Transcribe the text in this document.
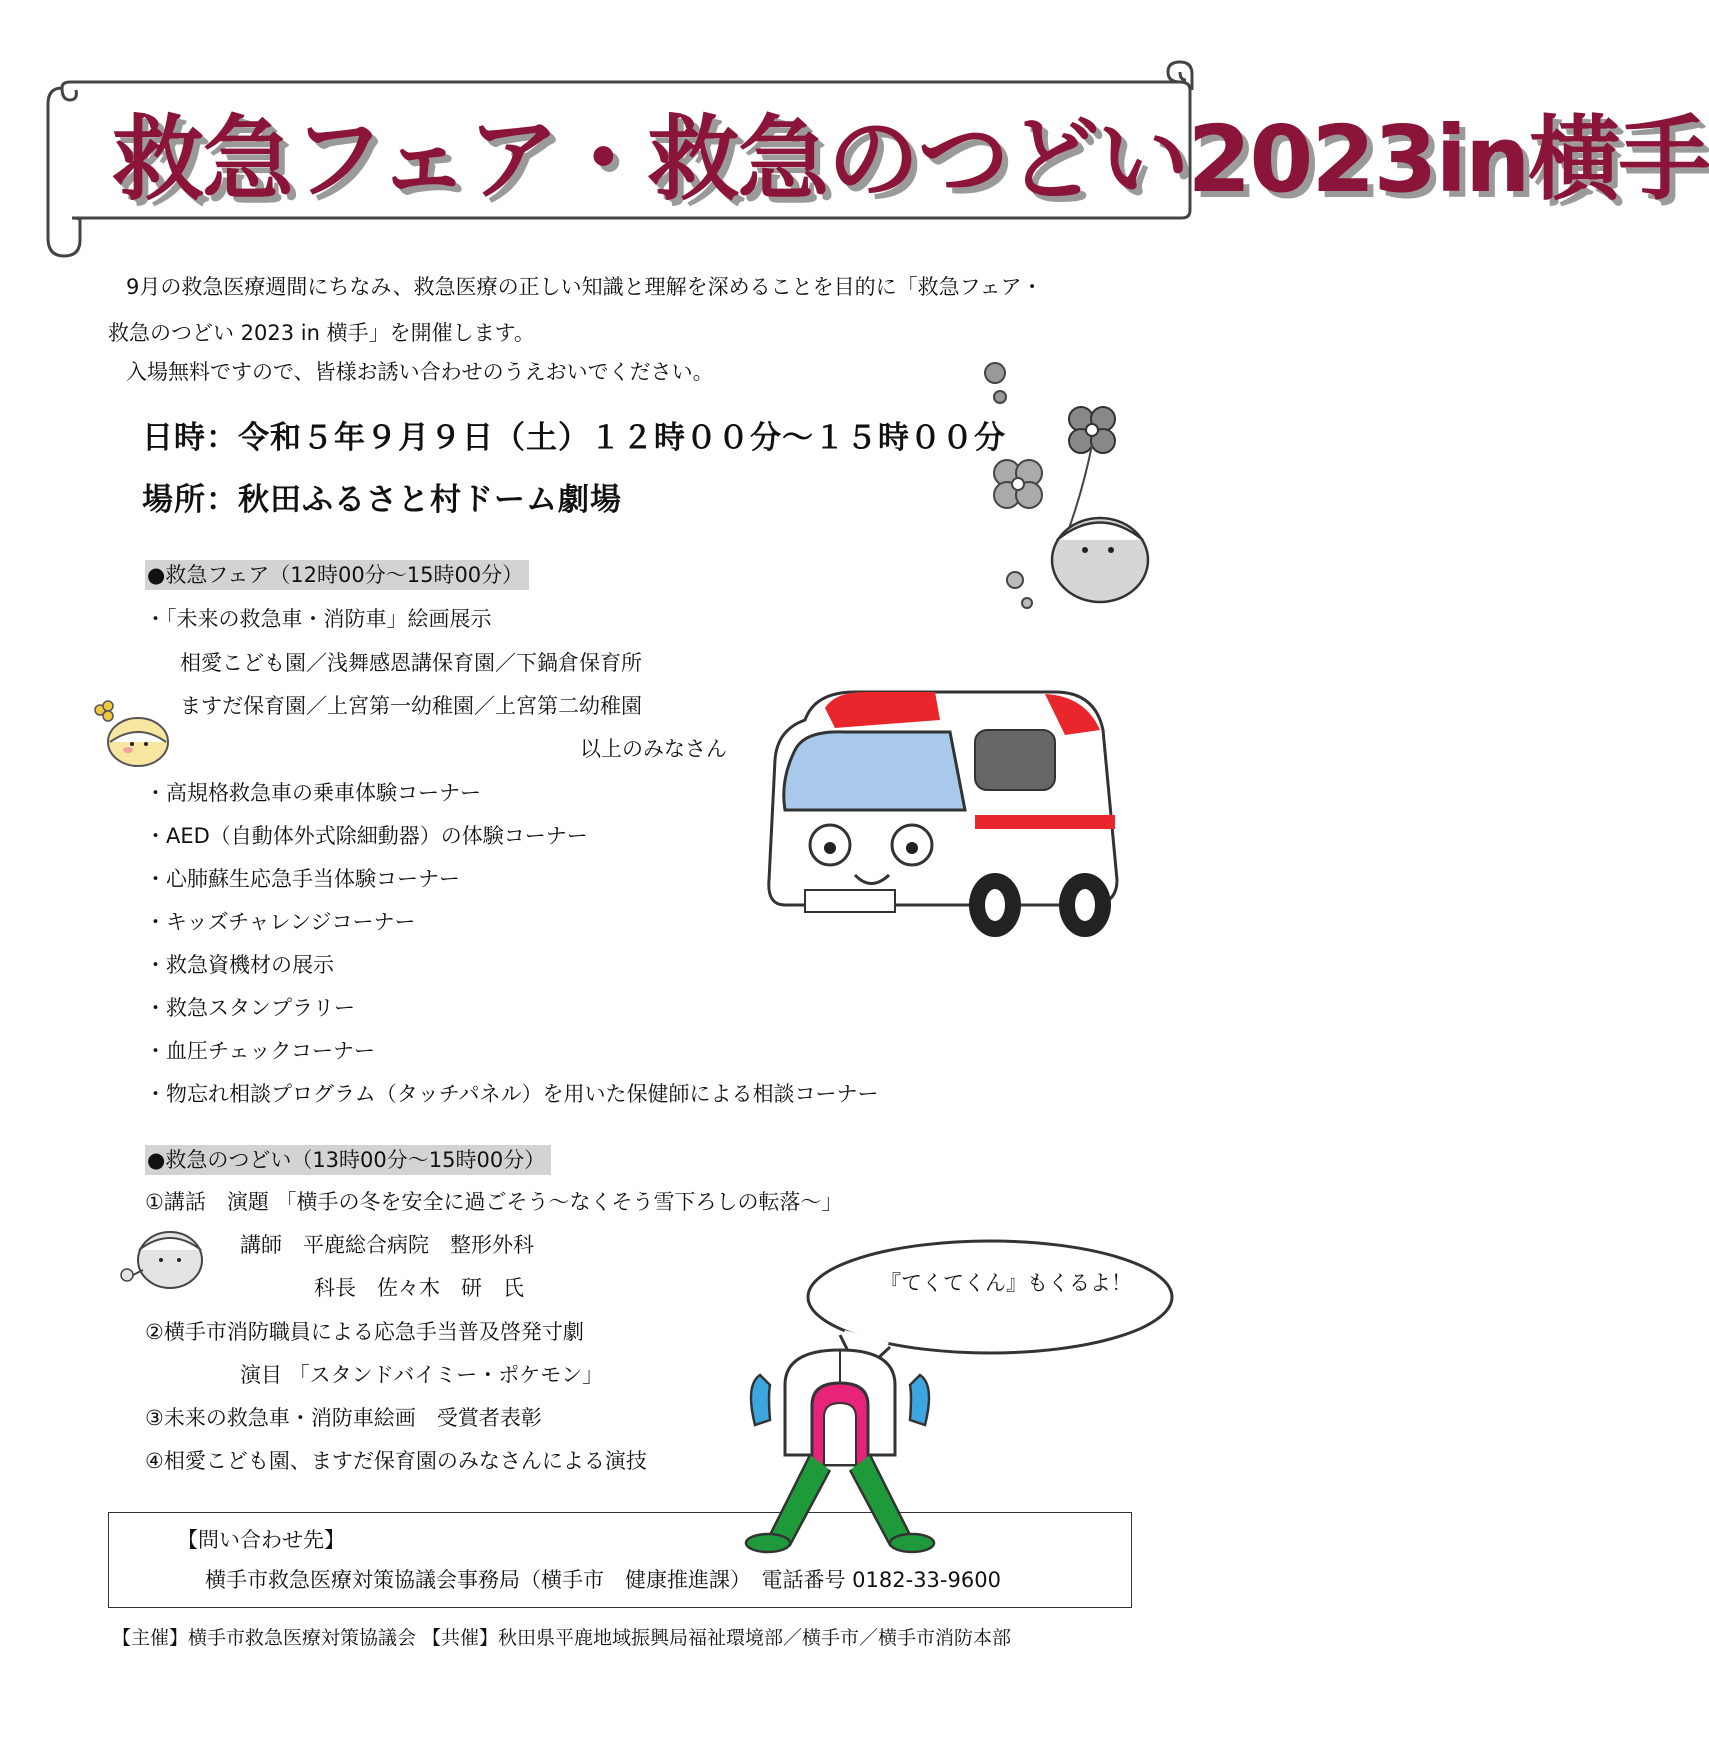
救急フェア・救急のつどい2023in横手
9月の救急医療週間にちなみ、救急医療の正しい知識と理解を深めることを目的に「救急フェア・
救急のつどい 2023 in 横手」を開催します。
入場無料ですので、皆様お誘い合わせのうえおいでください。
日時：令和５年９月９日（土）１２時００分～１５時００分
場所：秋田ふるさと村ドーム劇場
●救急フェア（12時00分～15時00分）
・「未来の救急車・消防車」絵画展示
相愛こども園／浅舞感恩講保育園／下鍋倉保育所
ますだ保育園／上宮第一幼稚園／上宮第二幼稚園
以上のみなさん
・高規格救急車の乗車体験コーナー
・AED（自動体外式除細動器）の体験コーナー
・心肺蘇生応急手当体験コーナー
・キッズチャレンジコーナー
・救急資機材の展示
・救急スタンプラリー
・血圧チェックコーナー
・物忘れ相談プログラム（タッチパネル）を用いた保健師による相談コーナー
●救急のつどい（13時00分～15時00分）
①講話　演題 「横手の冬を安全に過ごそう～なくそう雪下ろしの転落～」
講師　平鹿総合病院　整形外科
科長　佐々木　研　氏
②横手市消防職員による応急手当普及啓発寸劇
演目 「スタンドバイミー・ポケモン」
③未来の救急車・消防車絵画　受賞者表彰
④相愛こども園、ますだ保育園のみなさんによる演技
【問い合わせ先】
横手市救急医療対策協議会事務局（横手市　健康推進課）　電話番号 0182-33-9600
【主催】横手市救急医療対策協議会 【共催】秋田県平鹿地域振興局福祉環境部／横手市／横手市消防本部
『てくてくん』もくるよ！
